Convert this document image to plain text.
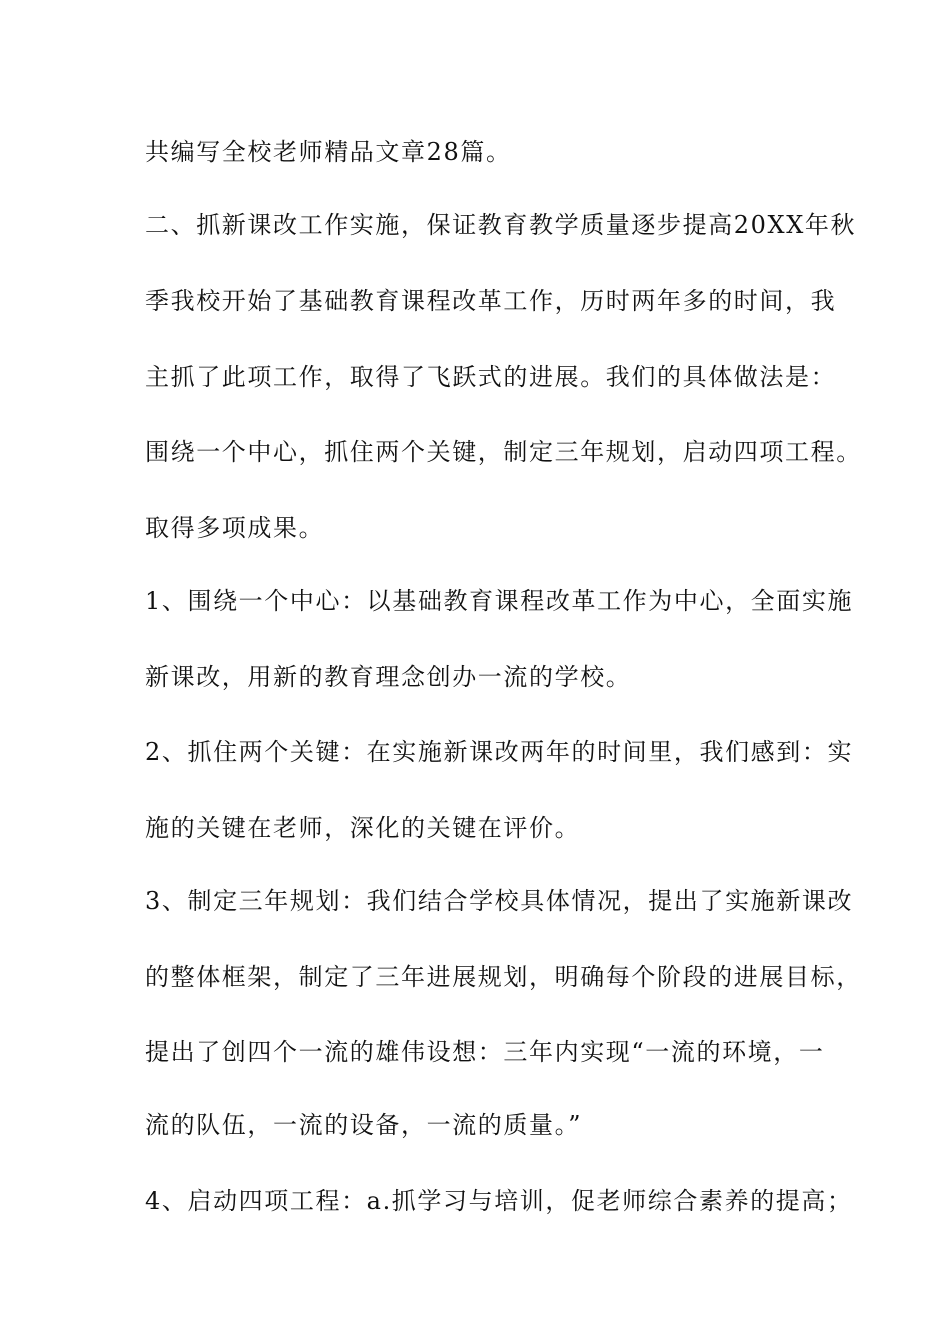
共编写全校老师精品文章28篇。
二、抓新课改工作实施，保证教育教学质量逐步提高20XX年秋
季我校开始了基础教育课程改革工作，历时两年多的时间，我
主抓了此项工作，取得了飞跃式的进展。我们的具体做法是：
围绕一个中心，抓住两个关键，制定三年规划，启动四项工程。
取得多项成果。
1、围绕一个中心：以基础教育课程改革工作为中心，全面实施
新课改，用新的教育理念创办一流的学校。
2、抓住两个关键：在实施新课改两年的时间里，我们感到：实
施的关键在老师，深化的关键在评价。
3、制定三年规划：我们结合学校具体情况，提出了实施新课改
的整体框架，制定了三年进展规划，明确每个阶段的进展目标，
提出了创四个一流的雄伟设想：三年内实现“一流的环境，一
流的队伍，一流的设备，一流的质量。”
4、启动四项工程：a.抓学习与培训，促老师综合素养的提高；
